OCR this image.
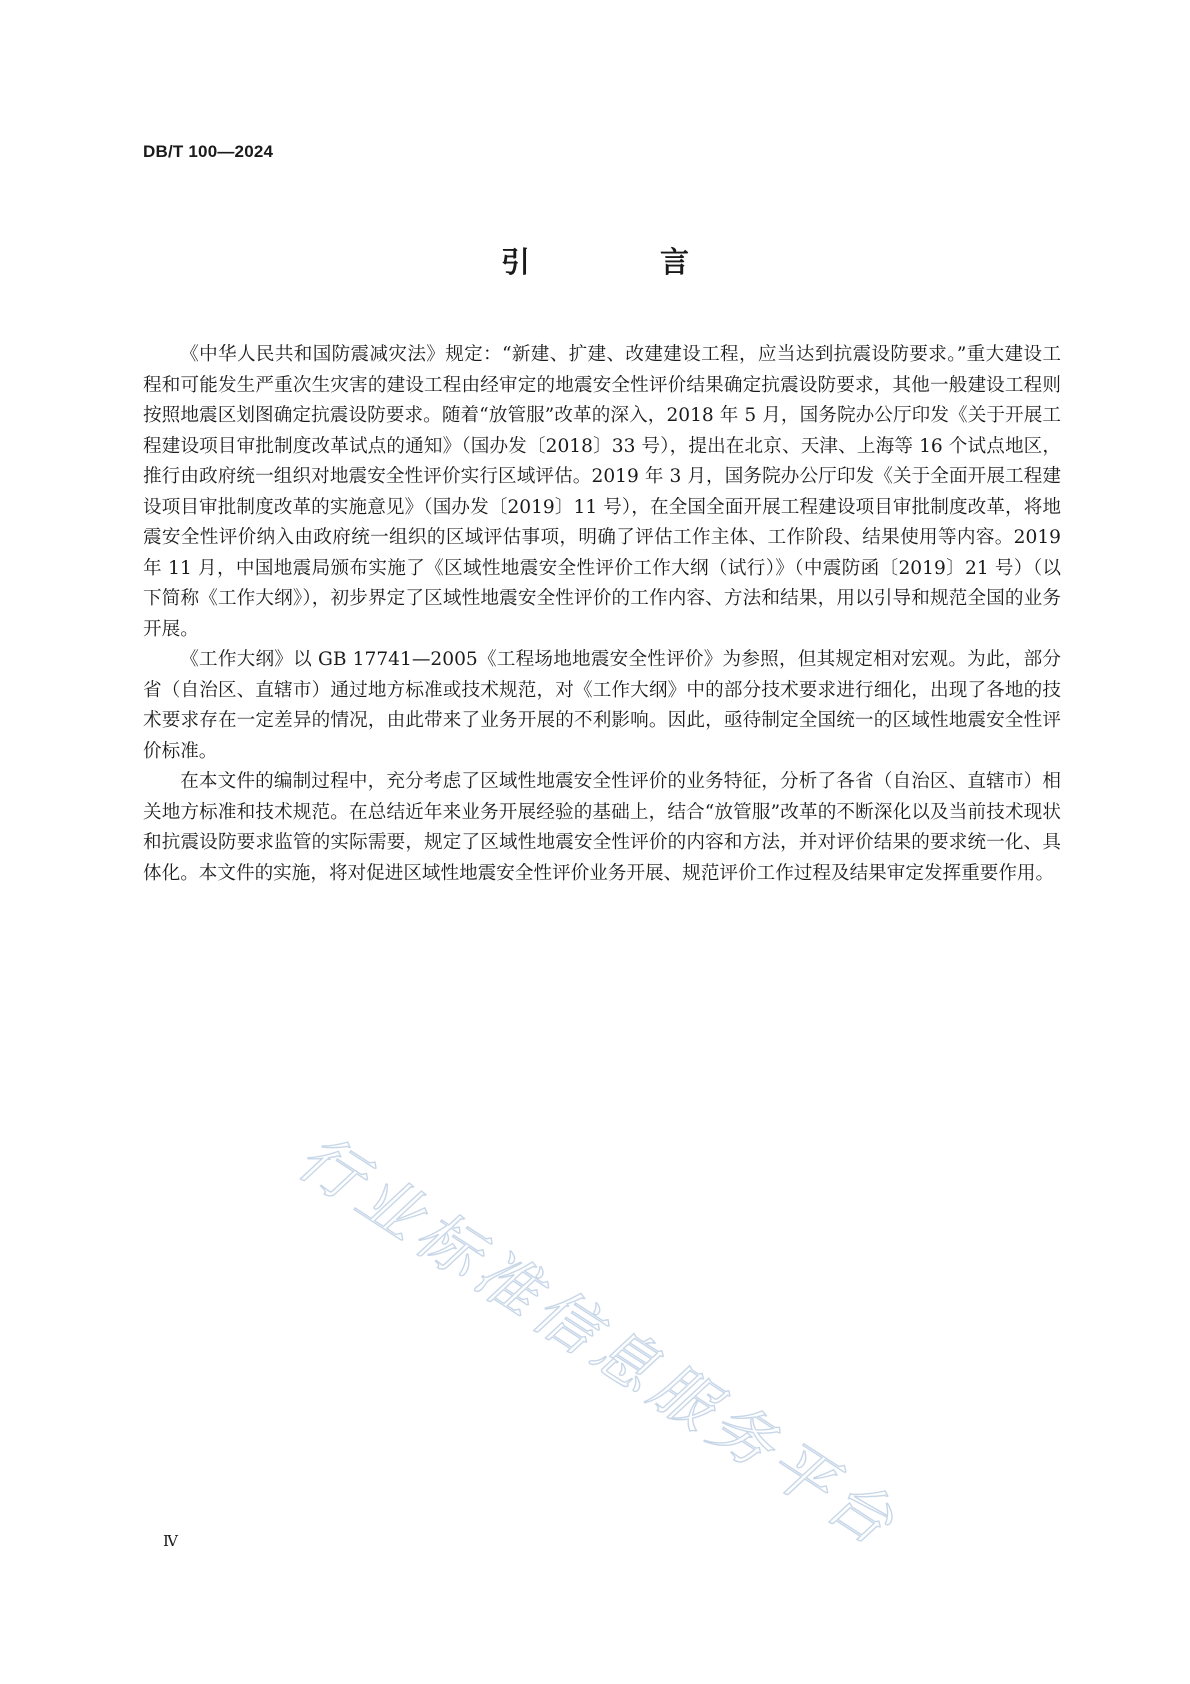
DB/T 100—2024
引 言

《中华人民共和国防震减灾法》规定：“新建、扩建、改建建设工程，应当达到抗震设防要求。”重大建设工程和可能发生严重次生灾害的建设工程由经审定的地震安全性评价结果确定抗震设防要求，其他一般建设工程则按照地震区划图确定抗震设防要求。随着“放管服”改革的深入，2018 年 5 月，国务院办公厅印发《关于开展工程建设项目审批制度改革试点的通知》（国办发〔2018〕33 号），提出在北京、天津、上海等 16 个试点地区，推行由政府统一组织对地震安全性评价实行区域评估。2019 年 3 月，国务院办公厅印发《关于全面开展工程建设项目审批制度改革的实施意见》（国办发〔2019〕11 号），在全国全面开展工程建设项目审批制度改革，将地震安全性评价纳入由政府统一组织的区域评估事项，明确了评估工作主体、工作阶段、结果使用等内容。2019 年 11 月，中国地震局颁布实施了《区域性地震安全性评价工作大纲（试行）》（中震防函〔2019〕21 号）（以下简称《工作大纲》），初步界定了区域性地震安全性评价的工作内容、方法和结果，用以引导和规范全国的业务开展。

《工作大纲》以 GB 17741—2005《工程场地地震安全性评价》为参照，但其规定相对宏观。为此，部分省（自治区、直辖市）通过地方标准或技术规范，对《工作大纲》中的部分技术要求进行细化，出现了各地的技术要求存在一定差异的情况，由此带来了业务开展的不利影响。因此，亟待制定全国统一的区域性地震安全性评价标准。

在本文件的编制过程中，充分考虑了区域性地震安全性评价的业务特征，分析了各省（自治区、直辖市）相关地方标准和技术规范。在总结近年来业务开展经验的基础上，结合“放管服”改革的不断深化以及当前技术现状和抗震设防要求监管的实际需要，规定了区域性地震安全性评价的内容和方法，并对评价结果的要求统一化、具体化。本文件的实施，将对促进区域性地震安全性评价业务开展、规范评价工作过程及结果审定发挥重要作用。

行业标准信息服务平台
Ⅳ
